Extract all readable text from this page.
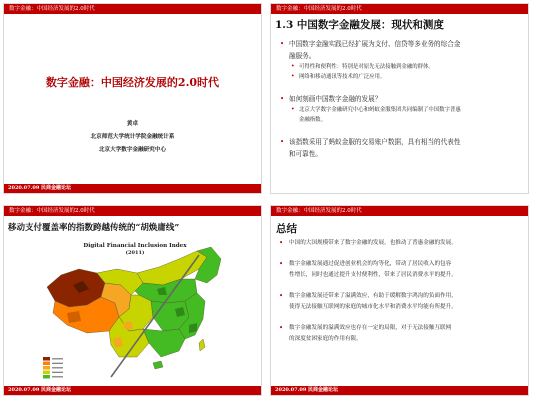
数字金融：中国经济发展的2.0时代
数字金融：中国经济发展的2.0时代
黄卓
北京师范大学统计学院金融统计系
北京大学数字金融研究中心
2020.07.09 民商金融论坛
数字金融：中国经济发展的2.0时代
1.3 中国数字金融发展：现状和测度
• 中国数字金融实践已经扩展为支付、信贷等多业务的综合金
融服务。
• 可得性和便利性：特别是对原先无法接触到金融的群体。
• 网络和移动通讯等技术的广泛应用。
• 如何刻画中国数字金融的发展？
• 北京大学数字金融研究中心和蚂蚁金服集团共同编制了中国数字普惠
金融指数。
• 该指数采用了蚂蚁金服的交易账户数据，具有相当的代表性
和可靠性。
数字金融：中国经济发展的2.0时代
移动支付覆盖率的指数跨越传统的“胡焕庸线”
Digital Financial Inclusion Index
(2011)
2020.07.09 民商金融论坛
数字金融：中国经济发展的2.0时代
总结
• 中国的大国规模带来了数字金融的发展，也推动了普惠金融的发展。
• 数字金融发展通过促进创业机会的均等化，带动了居民收入的包容
性增长，同时也通过提升支付便利性，带来了居民消费水平的提升。
• 数字金融发展还带来了溢满效应，有助于缓解数字鸿沟的负面作用，
使得无法接触互联网的家庭的城市化水平和消费水平均能有所提升。
• 数字金融发展的溢满效应也存在一定的局限，对于无法接触互联网
的深度贫困家庭的作用有限。
2020.07.09 民商金融论坛
